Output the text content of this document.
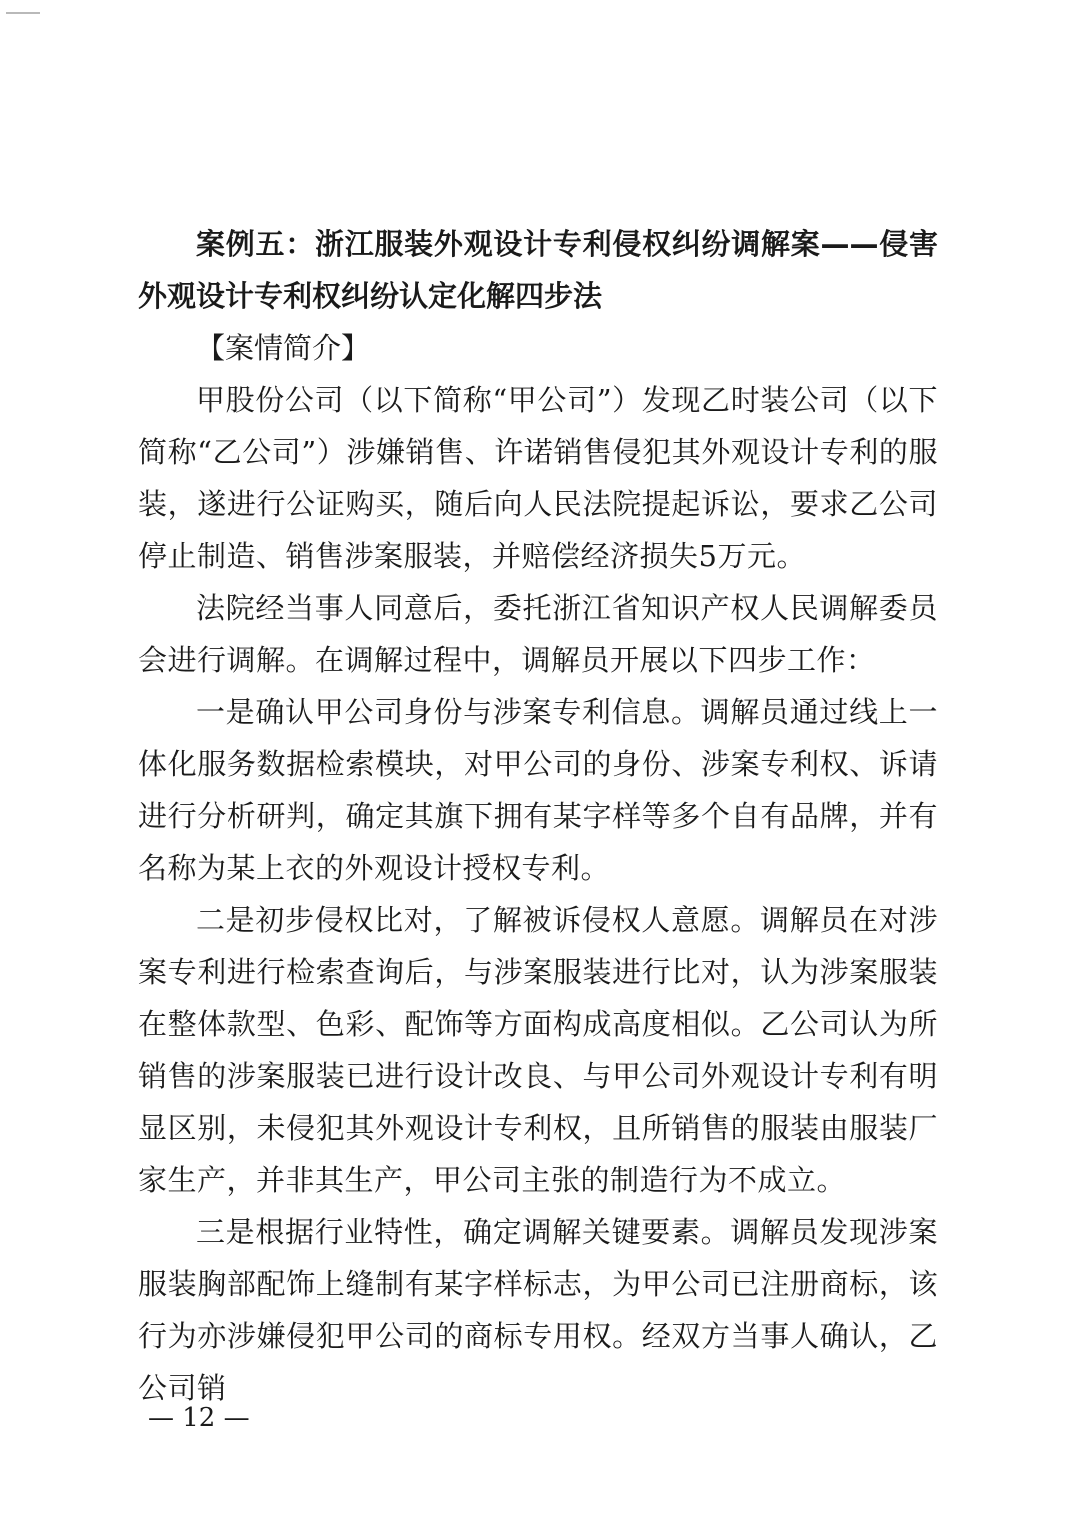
案例五：浙江服装外观设计专利侵权纠纷调解案——侵害外观设计专利权纠纷认定化解四步法

【案情简介】

甲股份公司（以下简称“甲公司”）发现乙时装公司（以下简称“乙公司”）涉嫌销售、许诺销售侵犯其外观设计专利的服装，遂进行公证购买，随后向人民法院提起诉讼，要求乙公司停止制造、销售涉案服装，并赔偿经济损失5万元。

法院经当事人同意后，委托浙江省知识产权人民调解委员会进行调解。在调解过程中，调解员开展以下四步工作：

一是确认甲公司身份与涉案专利信息。调解员通过线上一体化服务数据检索模块，对甲公司的身份、涉案专利权、诉请进行分析研判，确定其旗下拥有某字样等多个自有品牌，并有名称为某上衣的外观设计授权专利。

二是初步侵权比对，了解被诉侵权人意愿。调解员在对涉案专利进行检索查询后，与涉案服装进行比对，认为涉案服装在整体款型、色彩、配饰等方面构成高度相似。乙公司认为所销售的涉案服装已进行设计改良、与甲公司外观设计专利有明显区别，未侵犯其外观设计专利权，且所销售的服装由服装厂家生产，并非其生产，甲公司主张的制造行为不成立。

三是根据行业特性，确定调解关键要素。调解员发现涉案服装胸部配饰上缝制有某字样标志，为甲公司已注册商标，该行为亦涉嫌侵犯甲公司的商标专用权。经双方当事人确认，乙公司销

— 12 —
